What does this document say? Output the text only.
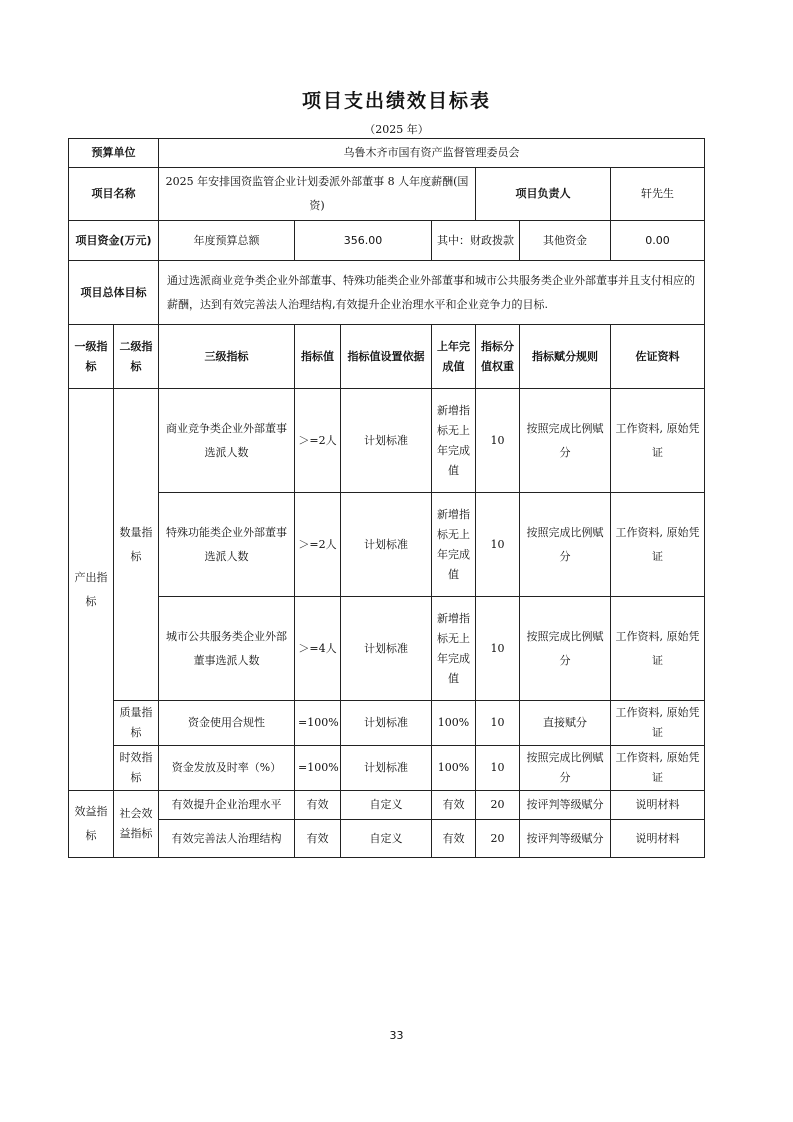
项目支出绩效目标表
（2025 年）
预算单位		乌鲁木齐市国有资产监督管理委员会						
项目名称		2025 年安排国资监管企业计划委派外部董事 8 人年度薪酬(国资)				项目负责人		轩先生
项目资金(万元)		年度预算总额	356.00		其中：财政拨款		其他资金	0.00
项目总体目标		通过选派商业竞争类企业外部董事、特殊功能类企业外部董事和城市公共服务类企业外部董事并且支付相应的薪酬，达到有效完善法人治理结构,有效提升企业治理水平和企业竞争力的目标.						
一级指标	二级指标	三级指标	指标值	指标值设置依据	上年完成值	指标分值权重	指标赋分规则	佐证资料
产出指标	数量指标	商业竞争类企业外部董事选派人数	＞=2人	计划标准	新增指标无上年完成值	10	按照完成比例赋分	工作资料, 原始凭证
		特殊功能类企业外部董事选派人数	＞=2人	计划标准	新增指标无上年完成值	10	按照完成比例赋分	工作资料, 原始凭证
		城市公共服务类企业外部董事选派人数	＞=4人	计划标准	新增指标无上年完成值	10	按照完成比例赋分	工作资料, 原始凭证
	质量指标	资金使用合规性	=100%	计划标准	100%	10	直接赋分	工作资料, 原始凭证
	时效指标	资金发放及时率（%）	=100%	计划标准	100%	10	按照完成比例赋分	工作资料, 原始凭证
效益指标	社会效益指标	有效提升企业治理水平	有效	自定义	有效	20	按评判等级赋分	说明材料
		有效完善法人治理结构	有效	自定义	有效	20	按评判等级赋分	说明材料
33
